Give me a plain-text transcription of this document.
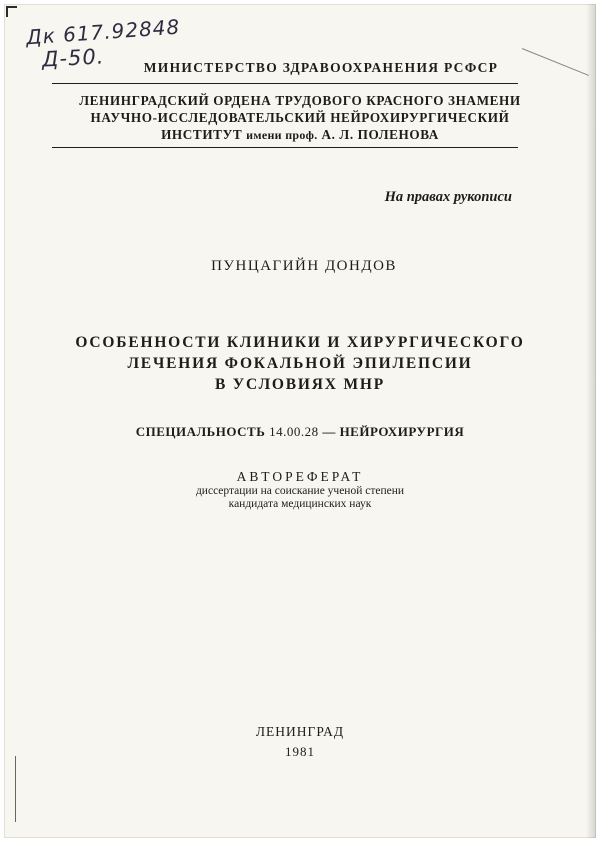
Дк 617.92848
Д-50.	МИНИСТЕРСТВО ЗДРАВООХРАНЕНИЯ РСФСР
ЛЕНИНГРАДСКИЙ ОРДЕНА ТРУДОВОГО КРАСНОГО ЗНАМЕНИ
НАУЧНО-ИССЛЕДОВАТЕЛЬСКИЙ НЕЙРОХИРУРГИЧЕСКИЙ
ИНСТИТУТ имени проф. А. Л. ПОЛЕНОВА
На правах рукописи
ПУНЦАГИЙН ДОНДОВ
ОСОБЕННОСТИ КЛИНИКИ И ХИРУРГИЧЕСКОГО
ЛЕЧЕНИЯ ФОКАЛЬНОЙ ЭПИЛЕПСИИ
В УСЛОВИЯХ МНР
СПЕЦИАЛЬНОСТЬ 14.00.28 — НЕЙРОХИРУРГИЯ
АВТОРЕФЕРАТ
диссертации на соискание ученой степени
кандидата медицинских наук
ЛЕНИНГРАД
1981
